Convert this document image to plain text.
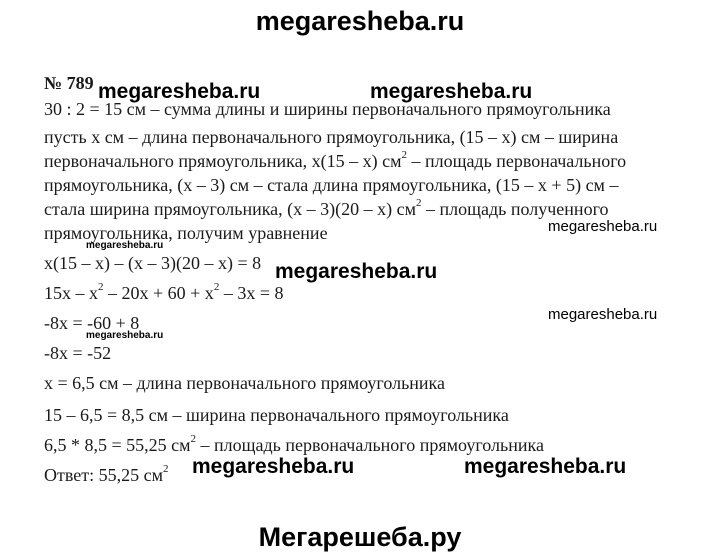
megaresheba.ru
№ 789 megaresheba.ru	megaresheba.ru
30 : 2 = 15 см – сумма длины и ширины первоначального прямоугольника
пусть х см – длина первоначального прямоугольника, (15 – х) см – ширина
первоначального прямоугольника, х(15 – х) $см^2$ – площадь первоначального
прямоугольника, (х – 3) см – стала длина прямоугольника, (15 – х + 5) см –
стала ширина прямоугольника, (х – 3)(20 – х) $см^2$ – площадь полученного
прямоугольника, получим уравнение
megaresheba.ru
megaresheba.ru
x(15 – x) – (x – 3)(20 – x) = 8 megaresheba.ru
$15x - x^2 - 20x + 60 + x^2 - 3x = 8$
megaresheba.ru
-8x = -60 + 8
megaresheba.ru
-8x = -52
x = 6,5 см – длина первоначального прямоугольника
15 – 6,5 = 8,5 см – ширина первоначального прямоугольника
6,5 * 8,5 = 55,25 $см^2$ – площадь первоначального прямоугольника
megaresheba.ru	megaresheba.ru
Ответ: 55,25 $см^2$
Мегарешеба.ру
